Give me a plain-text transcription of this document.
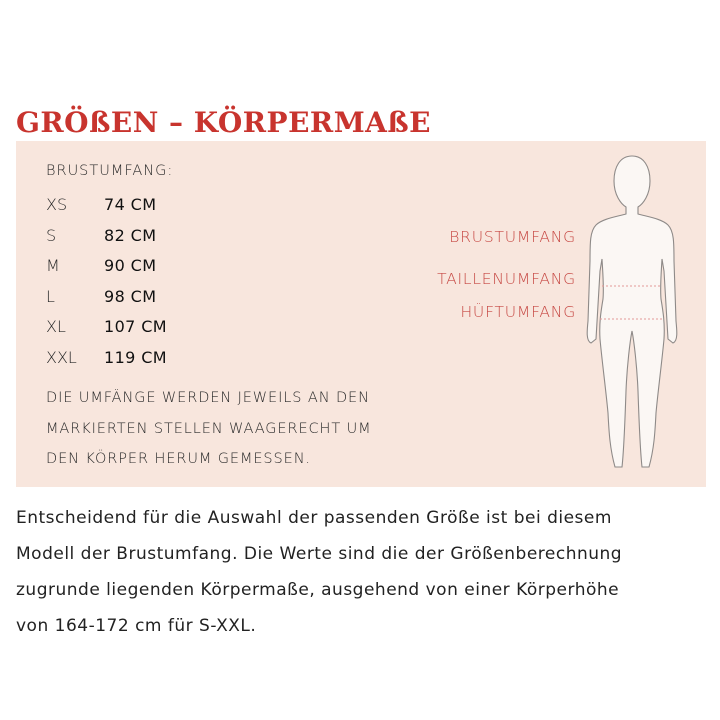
GRÖßEN – KÖRPERMAßE
BRUSTUMFANG:
XS 74 CM
S	82 CM
M	90 CM
L	98 CM
XL 107 CM
XXL 119 CM

DIE UMFÄNGE WERDEN JEWEILS AN DEN
MARKIERTEN STELLEN WAAGERECHT UM
DEN KÖRPER HERUM GEMESSEN.

BRUSTUMFANG
TAILLENUMFANG
HÜFTUMFANG

Entscheidend für die Auswahl der passenden Größe ist bei diesem
Modell der Brustumfang. Die Werte sind die der Größenberechnung
zugrunde liegenden Körpermaße, ausgehend von einer Körperhöhe
von 164-172 cm für S-XXL.
